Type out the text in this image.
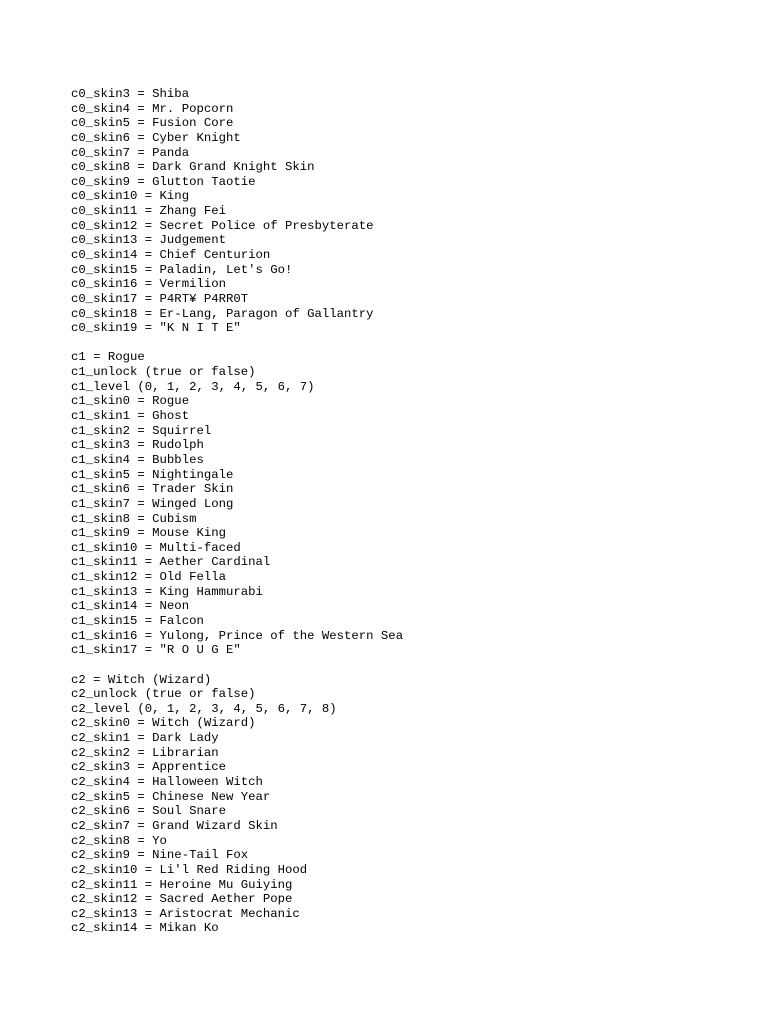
c0_skin3 = Shiba
c0_skin4 = Mr. Popcorn
c0_skin5 = Fusion Core
c0_skin6 = Cyber Knight
c0_skin7 = Panda
c0_skin8 = Dark Grand Knight Skin
c0_skin9 = Glutton Taotie
c0_skin10 = King
c0_skin11 = Zhang Fei
c0_skin12 = Secret Police of Presbyterate
c0_skin13 = Judgement
c0_skin14 = Chief Centurion
c0_skin15 = Paladin, Let's Go!
c0_skin16 = Vermilion
c0_skin17 = P4RT¥ P4RR0T
c0_skin18 = Er-Lang, Paragon of Gallantry
c0_skin19 = "K N I T E"
c1 = Rogue
c1_unlock (true or false)
c1_level (0, 1, 2, 3, 4, 5, 6, 7)
c1_skin0 = Rogue
c1_skin1 = Ghost
c1_skin2 = Squirrel
c1_skin3 = Rudolph
c1_skin4 = Bubbles
c1_skin5 = Nightingale
c1_skin6 = Trader Skin
c1_skin7 = Winged Long
c1_skin8 = Cubism
c1_skin9 = Mouse King
c1_skin10 = Multi-faced
c1_skin11 = Aether Cardinal
c1_skin12 = Old Fella
c1_skin13 = King Hammurabi
c1_skin14 = Neon
c1_skin15 = Falcon
c1_skin16 = Yulong, Prince of the Western Sea
c1_skin17 = "R O U G E"
c2 = Witch (Wizard)
c2_unlock (true or false)
c2_level (0, 1, 2, 3, 4, 5, 6, 7, 8)
c2_skin0 = Witch (Wizard)
c2_skin1 = Dark Lady
c2_skin2 = Librarian
c2_skin3 = Apprentice
c2_skin4 = Halloween Witch
c2_skin5 = Chinese New Year
c2_skin6 = Soul Snare
c2_skin7 = Grand Wizard Skin
c2_skin8 = Yo
c2_skin9 = Nine-Tail Fox
c2_skin10 = Li'l Red Riding Hood
c2_skin11 = Heroine Mu Guiying
c2_skin12 = Sacred Aether Pope
c2_skin13 = Aristocrat Mechanic
c2_skin14 = Mikan Ko
